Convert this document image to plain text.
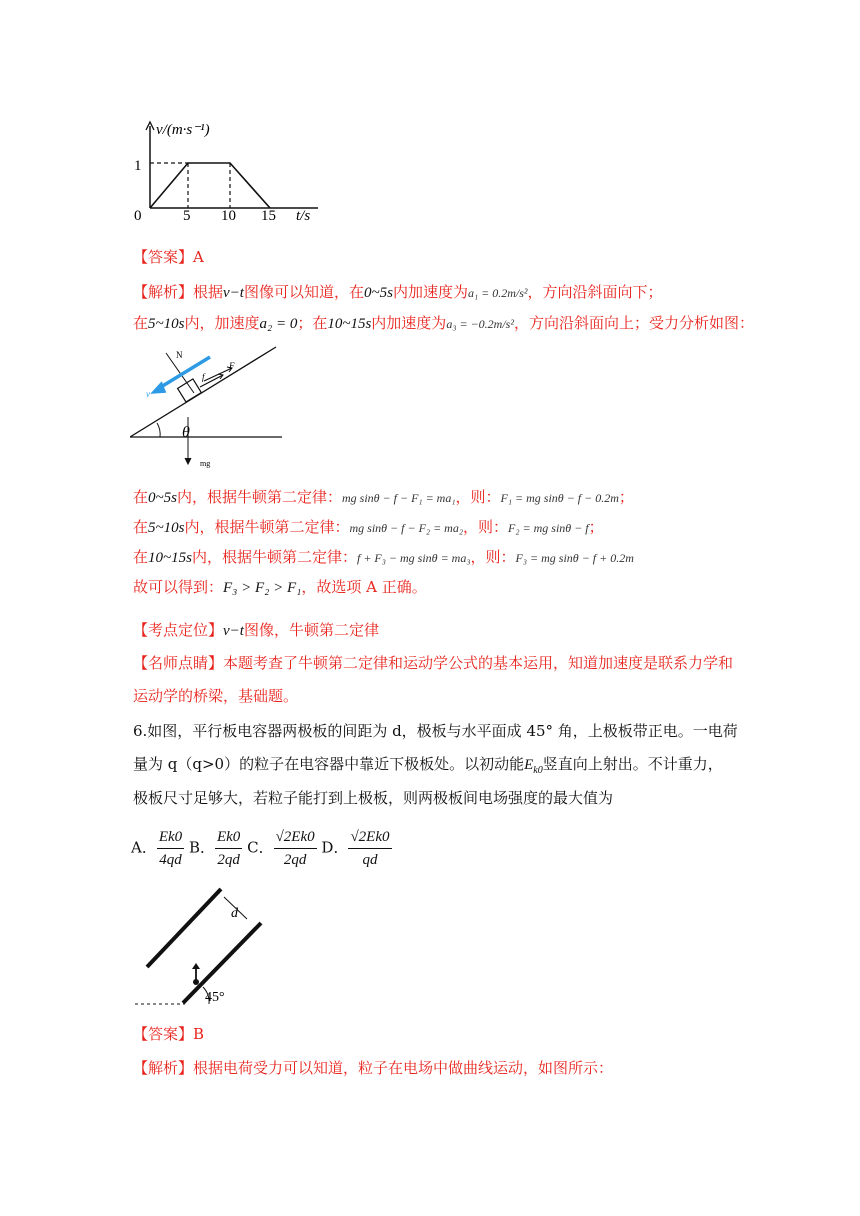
v/(m·s⁻¹)
1
0	5 10 15 t/s
【答案】A
【解析】根据v−t图像可以知道，在0~5s内加速度为a₁ = 0.2m/s²，方向沿斜面向下；
在5~10s内，加速度a₂ = 0；在10~15s内加速度为a₃ = −0.2m/s²，方向沿斜面向上；受力分析如图：
θ
N
f
F
v
mg
在0~5s内，根据牛顿第二定律：mg sinθ − f − F₁ = ma₁，则：F₁ = mg sinθ − f − 0.2m；
在5~10s内，根据牛顿第二定律：mg sinθ − f − F₂ = ma₂，则：F₂ = mg sinθ − f；
在10~15s内，根据牛顿第二定律：f + F₃ − mg sinθ = ma₃，则：F₃ = mg sinθ − f + 0.2m
故可以得到：F₃ > F₂ > F₁，故选项 A 正确。
【考点定位】v−t图像，牛顿第二定律
【名师点睛】本题考查了牛顿第二定律和运动学公式的基本运用，知道加速度是联系力学和
运动学的桥梁，基础题。
6.如图，平行板电容器两极板的间距为 d，极板与水平面成 45° 角，上极板带正电。一电荷
量为 q（q>0）的粒子在电容器中靠近下极板处。以初动能$E_{k0}$竖直向上射出。不计重力，
极板尺寸足够大，若粒子能打到上极板，则两极板间电场强度的最大值为
A． $\frac{Ek0}{4qd}$ B． $\frac{Ek0}{2qd}$ C． $\frac{√2Ek0}{2qd}$ D． $\frac{√2Ek0}{qd}$
45°
d
【答案】B
【解析】根据电荷受力可以知道，粒子在电场中做曲线运动，如图所示：
